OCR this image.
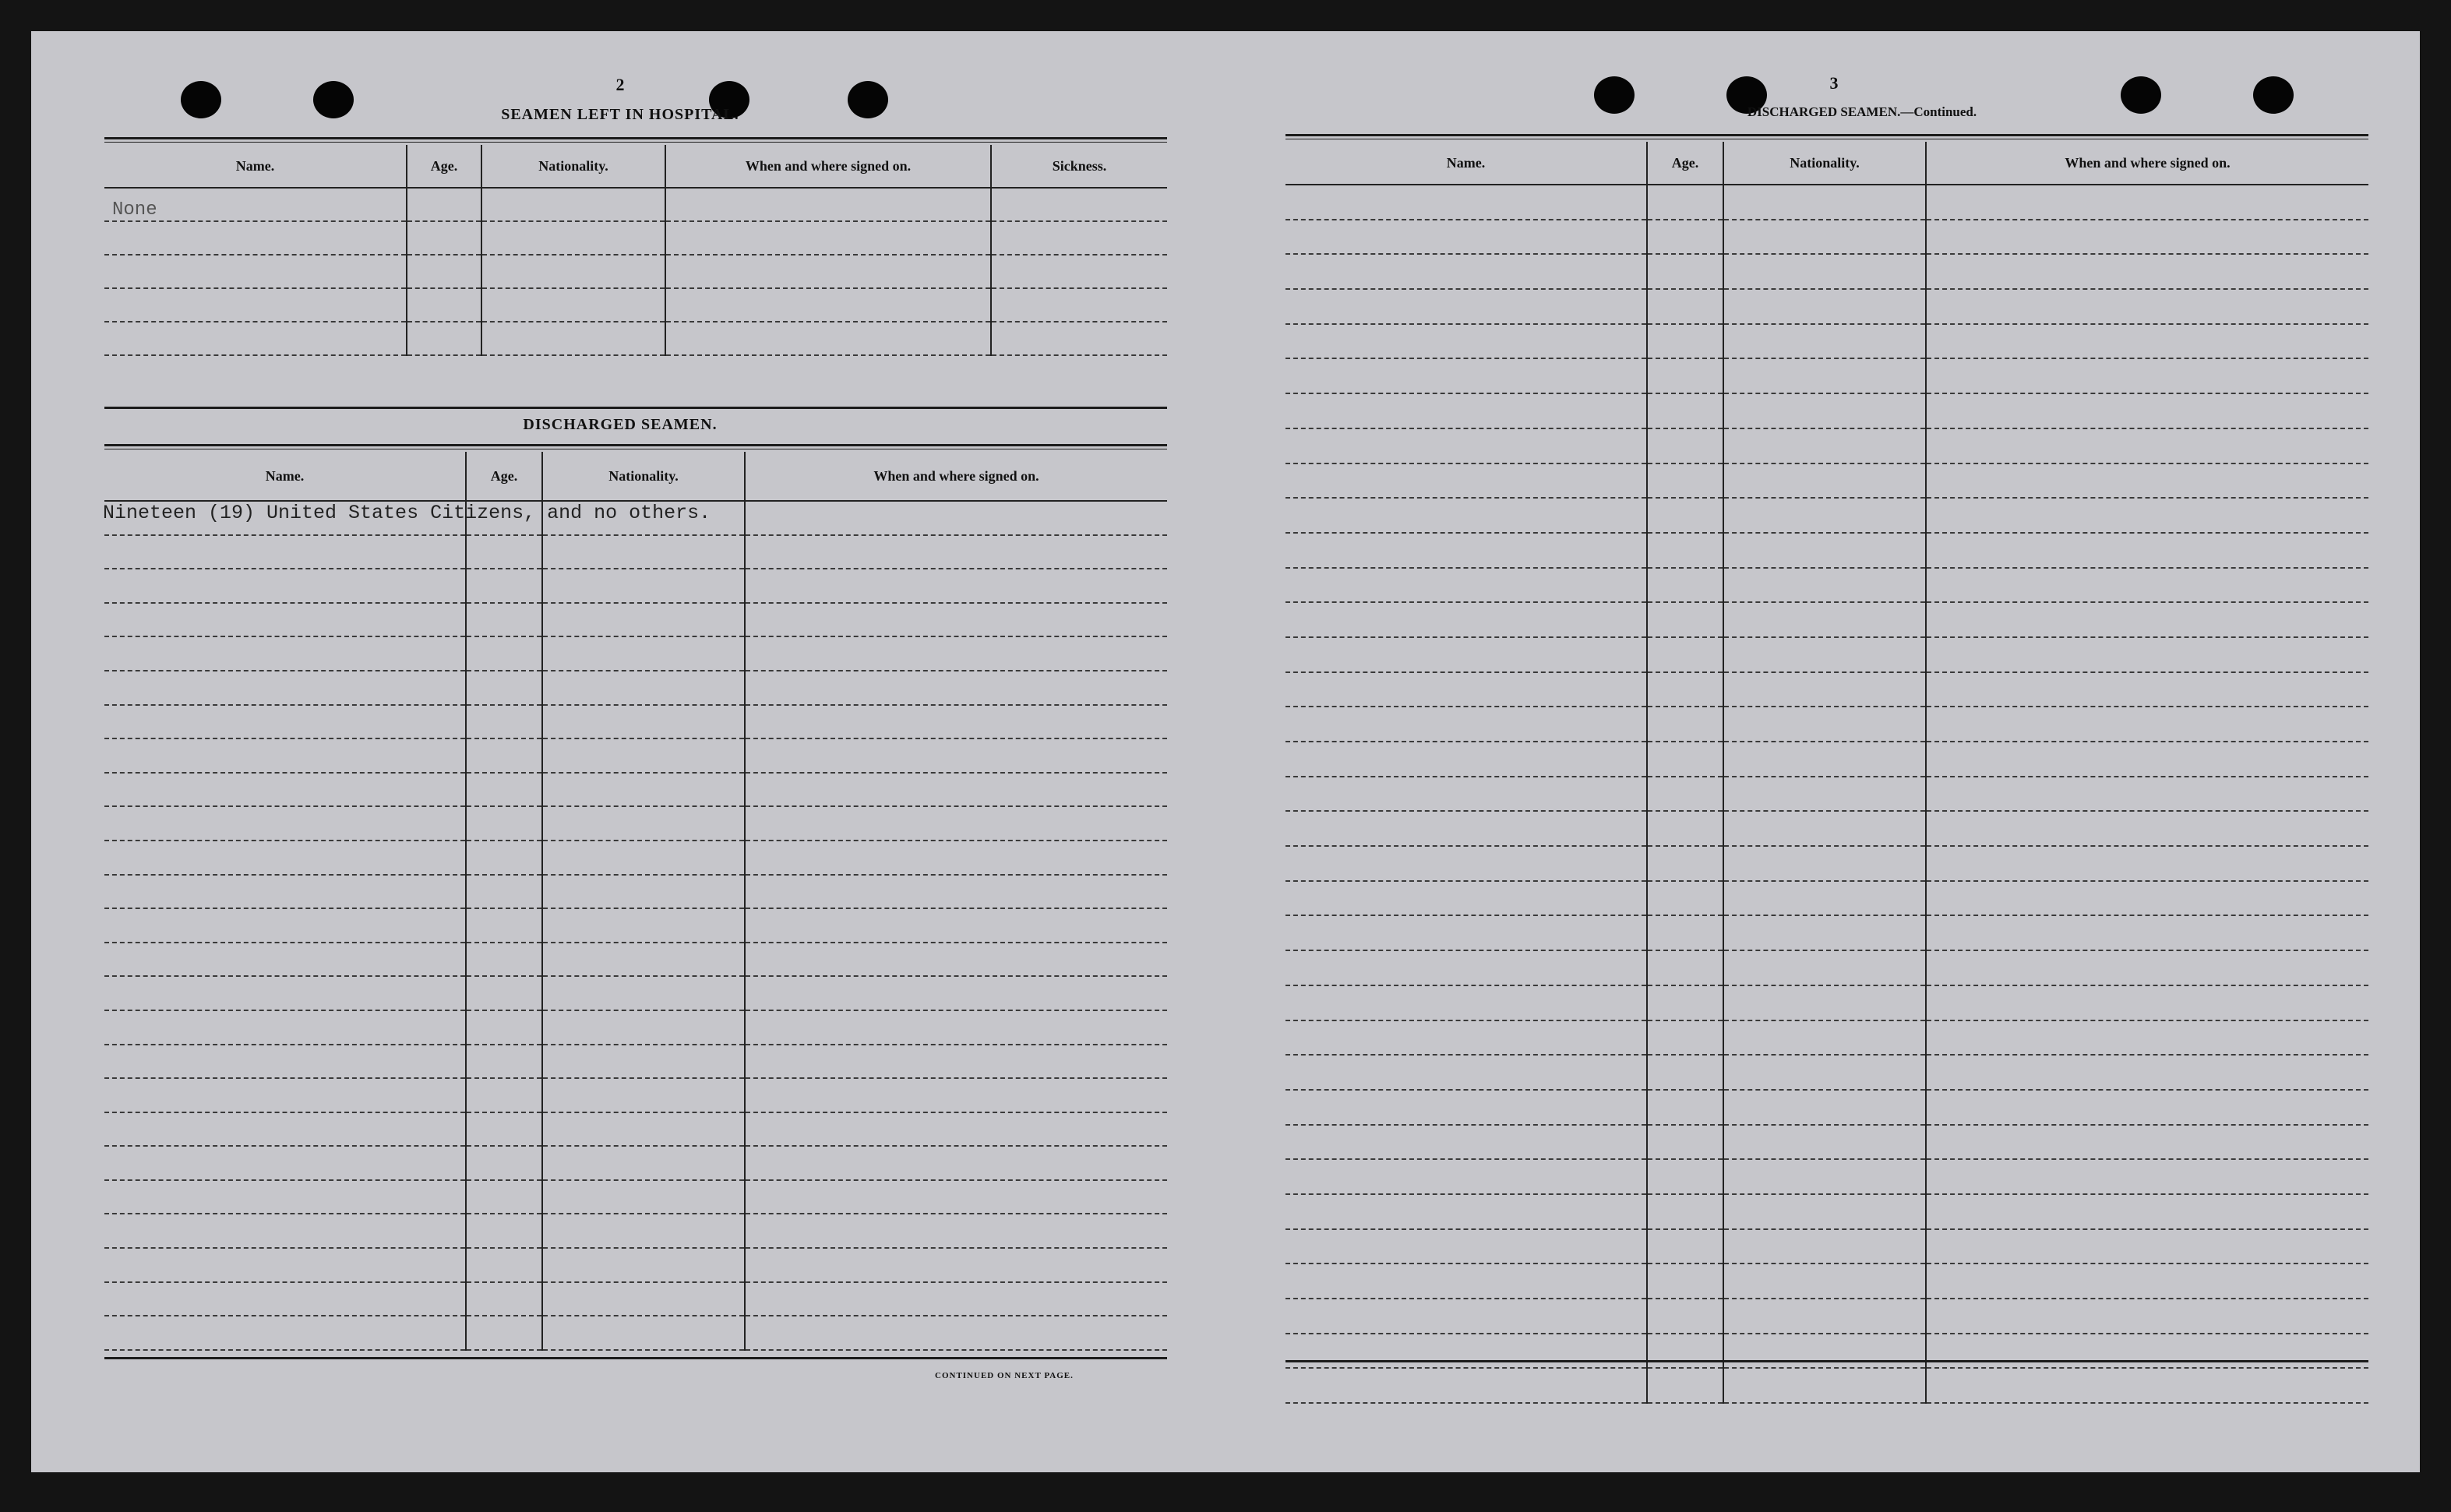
2
SEAMEN LEFT IN HOSPITAL.
Name.	Age.	Nationality.	When and where signed on.	Sickness.
None				

DISCHARGED SEAMEN.
Name.	Age.	Nationality.	When and where signed on.

Nineteen (19) United States Citizens, and no others.
CONTINUED ON NEXT PAGE.
3
DISCHARGED SEAMEN.—Continued.
Name.	Age.	Nationality.	When and where signed on.
